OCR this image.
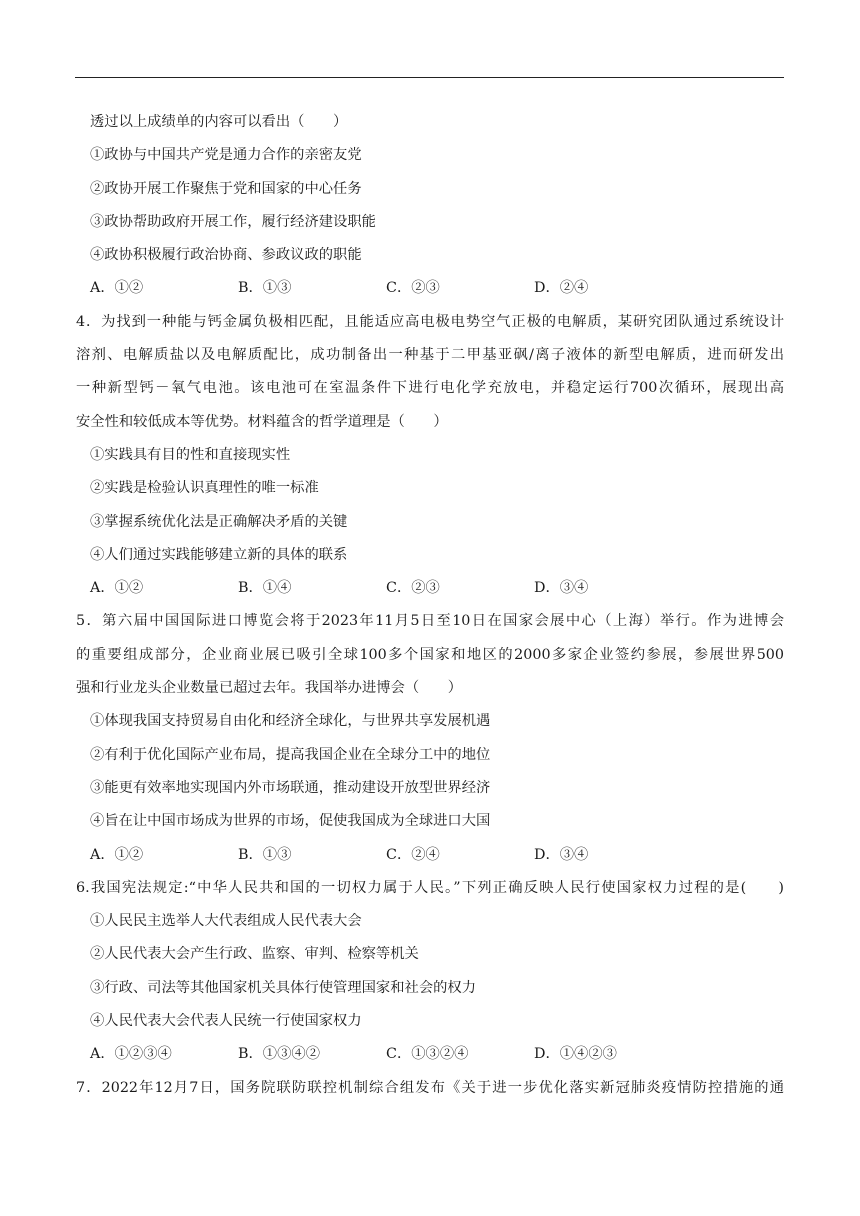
透过以上成绩单的内容可以看出（　　）
①政协与中国共产党是通力合作的亲密友党
②政协开展工作聚焦于党和国家的中心任务
③政协帮助政府开展工作，履行经济建设职能
④政协积极履行政治协商、参政议政的职能
A．①②	B．①③	C．②③	D．②④
4．为找到一种能与钙金属负极相匹配，且能适应高电极电势空气正极的电解质，某研究团队通过系统设计
溶剂、电解质盐以及电解质配比，成功制备出一种基于二甲基亚砜/离子液体的新型电解质，进而研发出
一种新型钙－氧气电池。该电池可在室温条件下进行电化学充放电，并稳定运行700次循环，展现出高
安全性和较低成本等优势。材料蕴含的哲学道理是（　　）
①实践具有目的性和直接现实性
②实践是检验认识真理性的唯一标准
③掌握系统优化法是正确解决矛盾的关键
④人们通过实践能够建立新的具体的联系
A．①②	B．①④	C．②③	D．③④
5．第六届中国国际进口博览会将于2023年11月5日至10日在国家会展中心（上海）举行。作为进博会
的重要组成部分，企业商业展已吸引全球100多个国家和地区的2000多家企业签约参展，参展世界500
强和行业龙头企业数量已超过去年。我国举办进博会（　　）
①体现我国支持贸易自由化和经济全球化，与世界共享发展机遇
②有利于优化国际产业布局，提高我国企业在全球分工中的地位
③能更有效率地实现国内外市场联通，推动建设开放型世界经济
④旨在让中国市场成为世界的市场，促使我国成为全球进口大国
A．①②	B．①③	C．②④	D．③④
6.我国宪法规定:“中华人民共和国的一切权力属于人民。”下列正确反映人民行使国家权力过程的是(　　)
①人民民主选举人大代表组成人民代表大会
②人民代表大会产生行政、监察、审判、检察等机关
③行政、司法等其他国家机关具体行使管理国家和社会的权力
④人民代表大会代表人民统一行使国家权力
A．①②③④	B．①③④②	C．①③②④	D．①④②③
7．2022年12月7日，国务院联防联控机制综合组发布《关于进一步优化落实新冠肺炎疫情防控措施的通
